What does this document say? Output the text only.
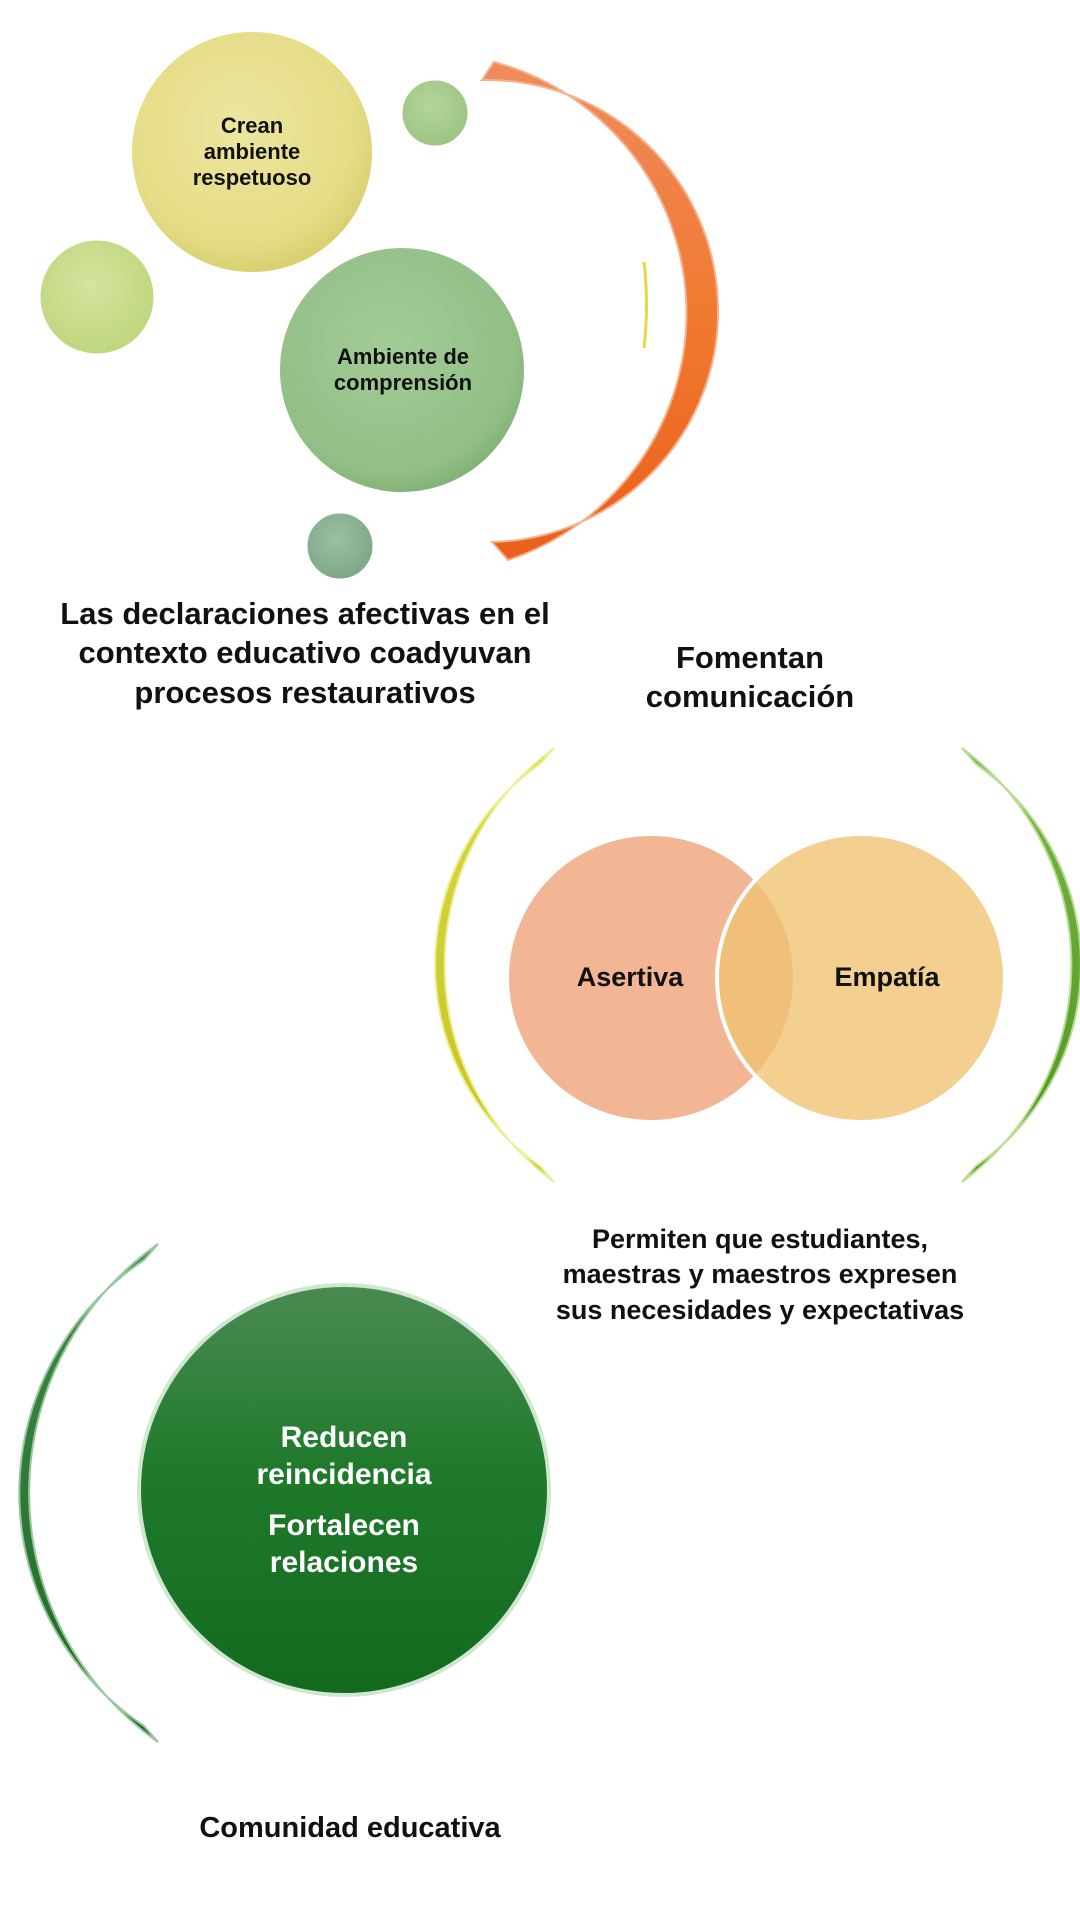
Crean ambiente respetuoso
Ambiente de comprensión
Las declaraciones afectivas en el contexto educativo coadyuvan procesos restaurativos
Fomentan comunicación
Asertiva	Empatía
Permiten que estudiantes, maestras y maestros expresen sus necesidades y expectativas
Reducen reincidencia
Fortalecen relaciones
Comunidad educativa
